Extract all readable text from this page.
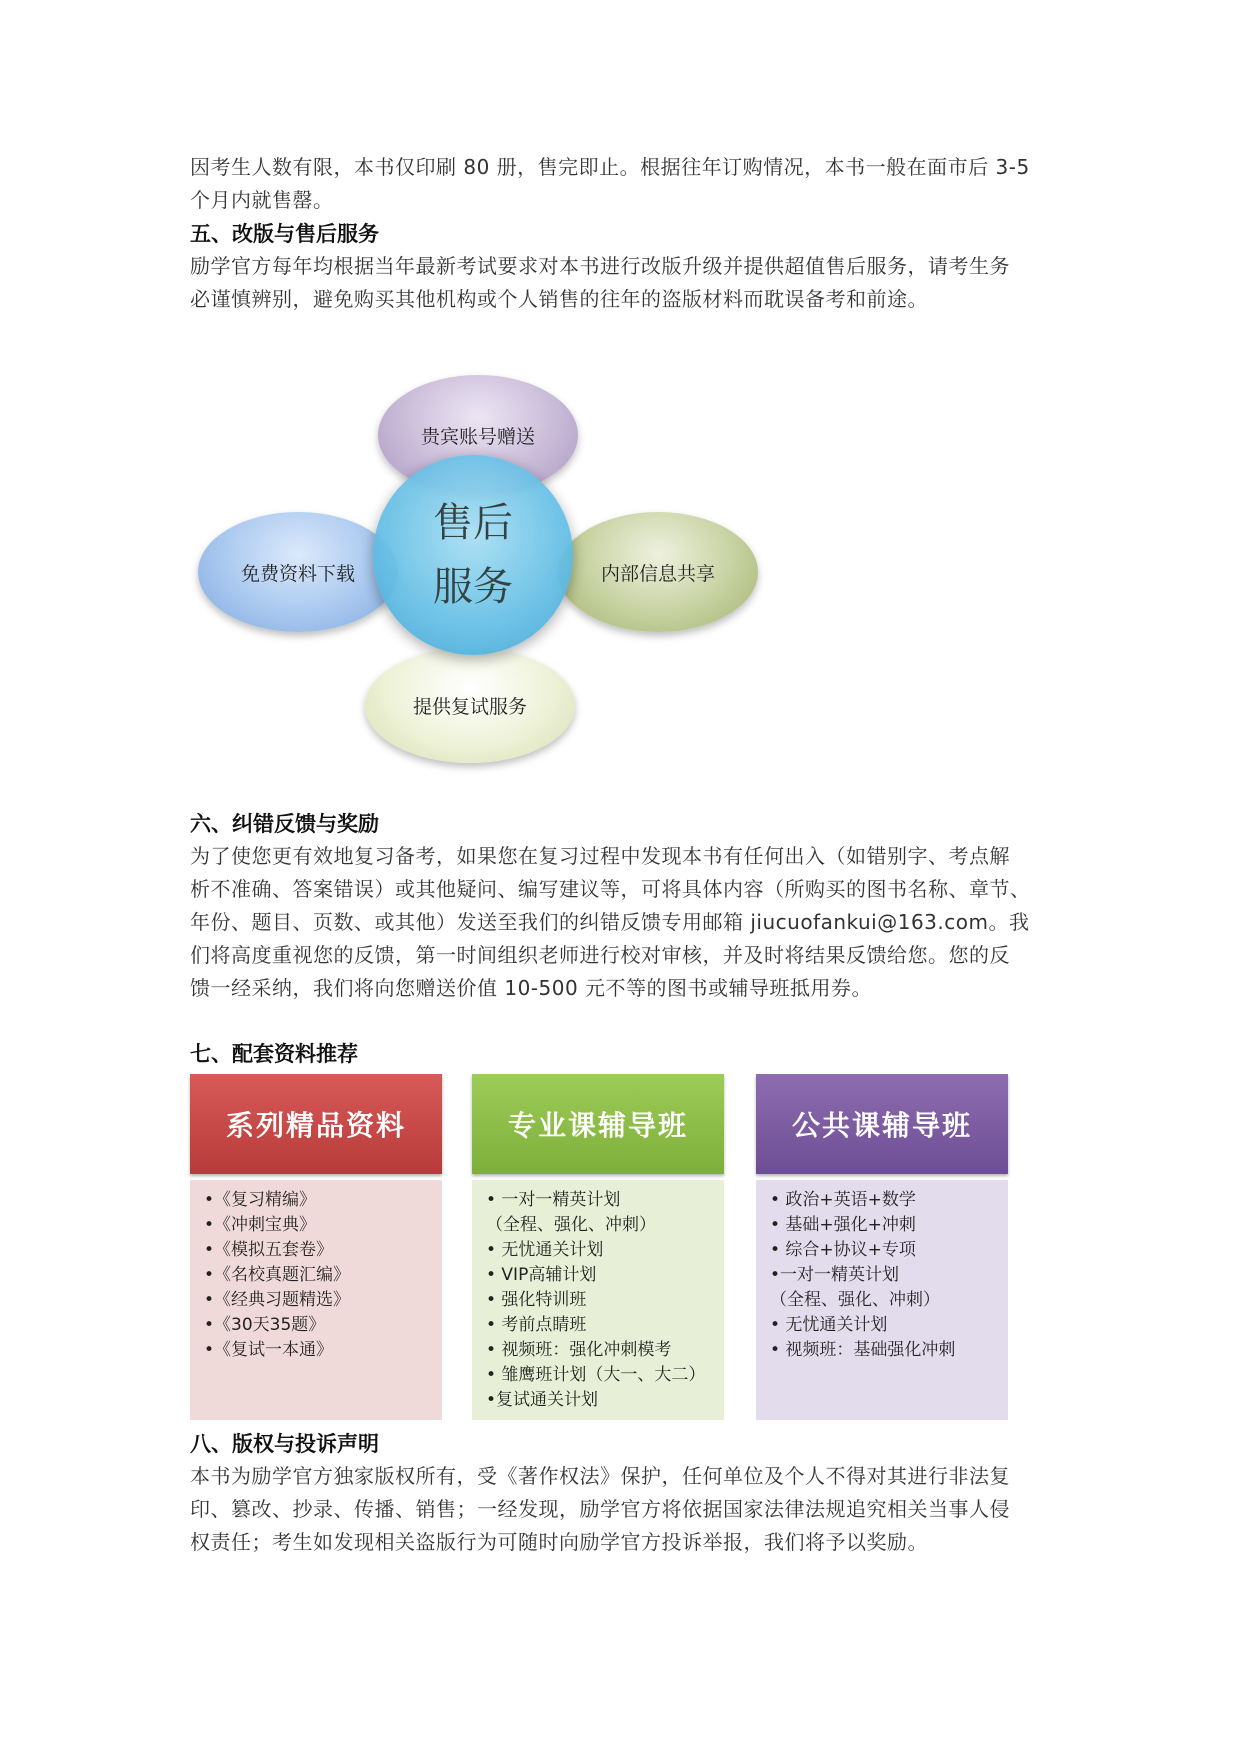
因考生人数有限，本书仅印刷 80 册，售完即止。根据往年订购情况，本书一般在面市后 3-5
个月内就售罄。
五、改版与售后服务
励学官方每年均根据当年最新考试要求对本书进行改版升级并提供超值售后服务，请考生务
必谨慎辨别，避免购买其他机构或个人销售的往年的盗版材料而耽误备考和前途。
贵宾账号赠送
免费资料下载	内部信息共享
提供复试服务
售后
服务
六、纠错反馈与奖励
为了使您更有效地复习备考，如果您在复习过程中发现本书有任何出入（如错别字、考点解
析不准确、答案错误）或其他疑问、编写建议等，可将具体内容（所购买的图书名称、章节、
年份、题目、页数、或其他）发送至我们的纠错反馈专用邮箱 jiucuofankui@163.com。我
们将高度重视您的反馈，第一时间组织老师进行校对审核，并及时将结果反馈给您。您的反
馈一经采纳，我们将向您赠送价值 10-500 元不等的图书或辅导班抵用券。
七、配套资料推荐
系列精品资料
•《复习精编》
•《冲刺宝典》
•《模拟五套卷》
•《名校真题汇编》
•《经典习题精选》
•《30天35题》
•《复试一本通》
专业课辅导班
• 一对一精英计划
（全程、强化、冲刺）
• 无忧通关计划
• VIP高辅计划
• 强化特训班
• 考前点睛班
• 视频班：强化冲刺模考
• 雏鹰班计划（大一、大二）
•复试通关计划
公共课辅导班
• 政治+英语+数学
• 基础+强化+冲刺
• 综合+协议+专项
•一对一精英计划
（全程、强化、冲刺）
• 无忧通关计划
• 视频班：基础强化冲刺
八、版权与投诉声明
本书为励学官方独家版权所有，受《著作权法》保护，任何单位及个人不得对其进行非法复
印、篡改、抄录、传播、销售；一经发现，励学官方将依据国家法律法规追究相关当事人侵
权责任；考生如发现相关盗版行为可随时向励学官方投诉举报，我们将予以奖励。
